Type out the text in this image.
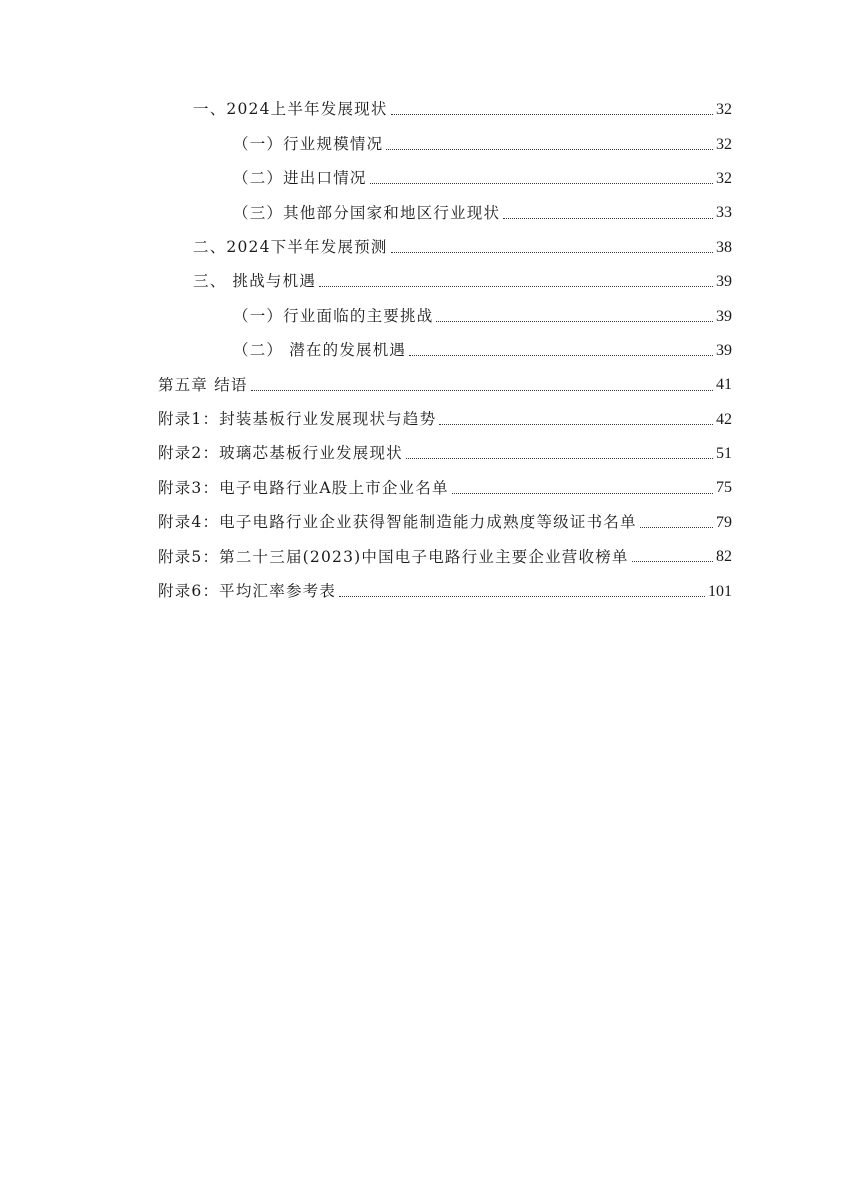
一、2024上半年发展现状	32
（一）行业规模情况	32
（二）进出口情况	32
（三）其他部分国家和地区行业现状	33
二、2024下半年发展预测	38
三、 挑战与机遇	39
（一）行业面临的主要挑战	39
（二） 潜在的发展机遇	39
第五章 结语	41
附录1：封装基板行业发展现状与趋势	42
附录2：玻璃芯基板行业发展现状	51
附录3：电子电路行业A股上市企业名单	75
附录4：电子电路行业企业获得智能制造能力成熟度等级证书名单	79
附录5：第二十三届(2023)中国电子电路行业主要企业营收榜单	82
附录6：平均汇率参考表	101
